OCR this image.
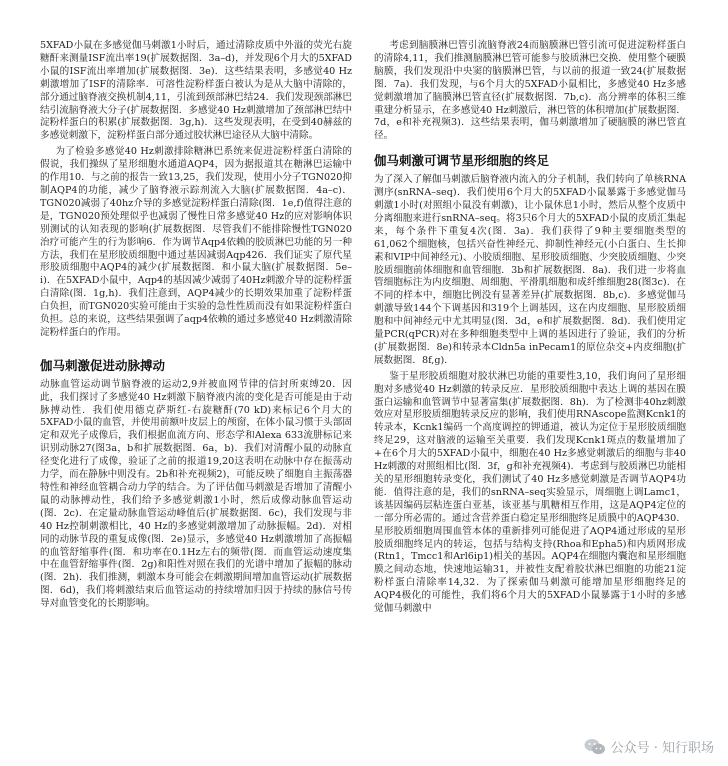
5XFAD小鼠在多感觉伽马刺激1小时后，通过清除皮质中外溢的荧光右旋糖酐来测量ISF流出率19(扩展数据图．3a–d)，并发现6个月大的5XFAD小鼠的ISF流出率增加(扩展数据图．3e)．这些结果表明，多感觉40 Hz刺激增加了ISF的清除率．可溶性淀粉样蛋白被认为是从大脑中清除的，部分通过脑脊液交换机制4,11，引流到颈部淋巴结24．我们发现颈部淋巴结引流脑脊液大分子(扩展数据图．多感觉40 Hz刺激增加了颈部淋巴结中淀粉样蛋白的积累(扩展数据图．3g,h)．这些发现表明，在受到40赫兹的多感觉刺激下，淀粉样蛋白部分通过胶状淋巴途径从大脑中清除。

为了检验多感觉40 Hz刺激排除糖淋巴系统来促进淀粉样蛋白清除的假说，我们操纵了星形细胞水通道AQP4，因为据报道其在糖淋巴运输中的作用10．与之前的报告一致13,25，我们发现，使用小分子TGN020抑制AQP4的功能，减少了脑脊液示踪剂流入大脑(扩展数据图．4a–c)．TGN020减弱了40hz介导的多感觉淀粉样蛋白清除(图．1e,f)值得注意的是，TGN020预处理似乎也减弱了慢性日常多感觉40 Hz的应对影响体识别测试的认知表现的影响(扩展数据图．尽管我们不能排除慢性TGN020治疗可能产生的行为影响6．作为调节Aqp4依赖的胶质淋巴功能的另一种方法，我们在星形胶质细胞中通过基因减弱Aqp426．我们证实了原代星形胶质细胞中AQP4的减少(扩展数据图．和小鼠大脑(扩展数据图．5e–i)．在5XFAD小鼠中，Aqp4的基因减少减弱了40Hz刺激介导的淀粉样蛋白清除(图．1g,h)．我们注意到，AQP4减少的长期效果加重了淀粉样蛋白负担，而TGN020实验可能由于实验的急性性质而没有如果淀粉样蛋白负担。总的来说，这些结果强调了aqp4依赖的通过多感觉40 Hz刺激清除淀粉样蛋白的作用。

伽马刺激促进动脉搏动

动脉血管运动调节脑脊液的运动2,9并被血网节律的信封所束缚20．因此，我们探讨了多感觉40 Hz刺激下脑脊液内流的变化是否可能是由于动脉搏动性．我们使用德克萨斯红-右旋糖酐(70 kD)来标记6个月大的5XFAD小鼠的血管，并使用前额叶皮层上的颅窗，在体小鼠习惯于头部固定和双光子成像后，我们根据血流方向、形态学和Alexa 633流肼标记来识别动脉27(图3a，b和扩展数据图．6a，b)．我们对清醒小鼠的动脉直径变化进行了成像，验证了之前的报道19,20这表明在动脉中存在振荡动力学，而在静脉中则没有。2b和补充视频2)，可能反映了细胞自主振荡器特性和神经血管耦合动力学的结合。为了评估伽马刺激是否增加了清醒小鼠的动脉搏动性，我们给予多感觉刺激1小时，然后成像动脉血管运动(图．2c)．在定量动脉血管运动峰值后(扩展数据图．6c)，我们发现与非40 Hz控制刺激相比，40 Hz的多感觉刺激增加了动脉振幅。2d)．对相同的动脉节段的重复成像(图．2e)显示，多感觉40 Hz刺激增加了高振幅的血管舒缩事件(图．和功率在0.1Hz左右的频带(图．而血管运动速度集中在血管舒缩事件(图．2g)和阳性对照在我们的光谱中增加了振幅的脉动(图．2h)．我们推测，刺激本身可能会在刺激期间增加血管运动(扩展数据图．6d)，我们将刺激结束后血管运动的持续增加归因于持续的脉信号传导对血管变化的长期影响。

考虑到脑膜淋巴管引流脑脊液24而脑膜淋巴管引流可促进淀粉样蛋白的清除4,11，我们推测脑膜淋巴管可能参与胶质淋巴交换．使用整个硬膜脑膜，我们发现沿中央窦的脑膜淋巴管，与以前的报道一致24(扩展数据图．7a)．我们发现，与6个月大的5XFAD小鼠相比，多感觉40 Hz多感觉刺激增加了脑膜淋巴管直径(扩展数据图．7b,c)．高分辨率的体积三维重建分析显示，在多感觉40 Hz刺激后，淋巴管的体积增加(扩展数据图．7d，e和补充视频3)．这些结果表明，伽马刺激增加了硬脑膜的淋巴管直径。

伽马刺激可调节星形细胞的终足

为了深入了解伽马刺激后脑脊液内流入的分子机制，我们转向了单核RNA测序(snRNA–seq)．我们使用6个月大的5XFAD小鼠暴露于多感觉伽马刺激1小时(对照组小鼠没有刺激)，让小鼠休息1小时，然后从整个皮质中分离细胞来进行snRNA–seq。将3只6个月大的5XFAD小鼠的皮质汇集起来，每个条件下重复4次(图．3a)．我们获得了9种主要细胞类型的61,062个细胞核，包括兴奋性神经元、抑制性神经元(小白蛋白、生长抑素和VIP中间神经元)、小胶质细胞、星形胶质细胞、少突胶质细胞、少突胶质细胞前体细胞和血管细胞．3b和扩展数据图．8a)．我们进一步将血管细胞标注为内皮细胞、周细胞、平滑肌细胞和成纤维细胞28(图3c)．在不同的样本中，细胞比例没有显著差异(扩展数据图．8b,c)．多感觉伽马刺激导致144个下调基因和319个上调基因，这在内皮细胞、星形胶质细胞和中间神经元中尤其明显(图．3d，e和扩展数据图．8d)．我们使用定量PCR(qPCR)对在多种细胞类型中上调的基因进行了验证，我们的分析(扩展数据图．8e)和转录本Cldn5a inPecam1的原位杂交+内皮细胞(扩展数据图．8f,g)．

鉴于星形胶质细胞对胶状淋巴功能的重要性3,10，我们询问了星形细胞对多感觉40 Hz刺激的转录反应．星形胶质细胞中表达上调的基因在膜蛋白运输和血管调节中显著富集(扩展数据图．8h)．为了检测非40hz刺激效应对星形胶质细胞转录反应的影响，我们使用RNAscope监测Kcnk1的转录本，Kcnk1编码一个高度调控的钾通道，被认为定位于星形胶质细胞终足29，这对脑液的运输至关重要．我们发现Kcnk1斑点的数量增加了+在6个月大的5XFAD小鼠中，细胞在40 Hz多感觉刺激后的细胞与非40 Hz刺激的对照组相比(图．3f，g和补充视频4)．考虑到与胶质淋巴功能相关的星形细胞转录变化，我们测试了40 Hz多感觉刺激是否调节AQP4功能．值得注意的是，我们的snRNA–seq实验显示，周细胞上调Lamc1，该基因编码层粘连蛋白亚基，该亚基与肌糖相互作用，这是AQP4定位的一部分所必需的。通过含营养蛋白稳定星形细胞终足质膜中的AQP430．星形胶质细胞周围血管本体的重新排列可能促进了AQP4通过形成的星形胶质细胞终足内的转运，包括与结构支持(Rhoa和Epha5)和内质网形成(Rtn1，Tmcc1和Arl6ip1)相关的基因。AQP4在细胞内囊泡和星形细胞膜之间动态地，快速地运输31，并被性支配着胶状淋巴细胞的功能21淀粉样蛋白清除率14,32．为了探索伽马刺激可能增加星形细胞终足的AQP4极化的可能性，我们将6个月大的5XFAD小鼠暴露于1小时的多感觉伽马刺激中

公众号 · 知行职场
